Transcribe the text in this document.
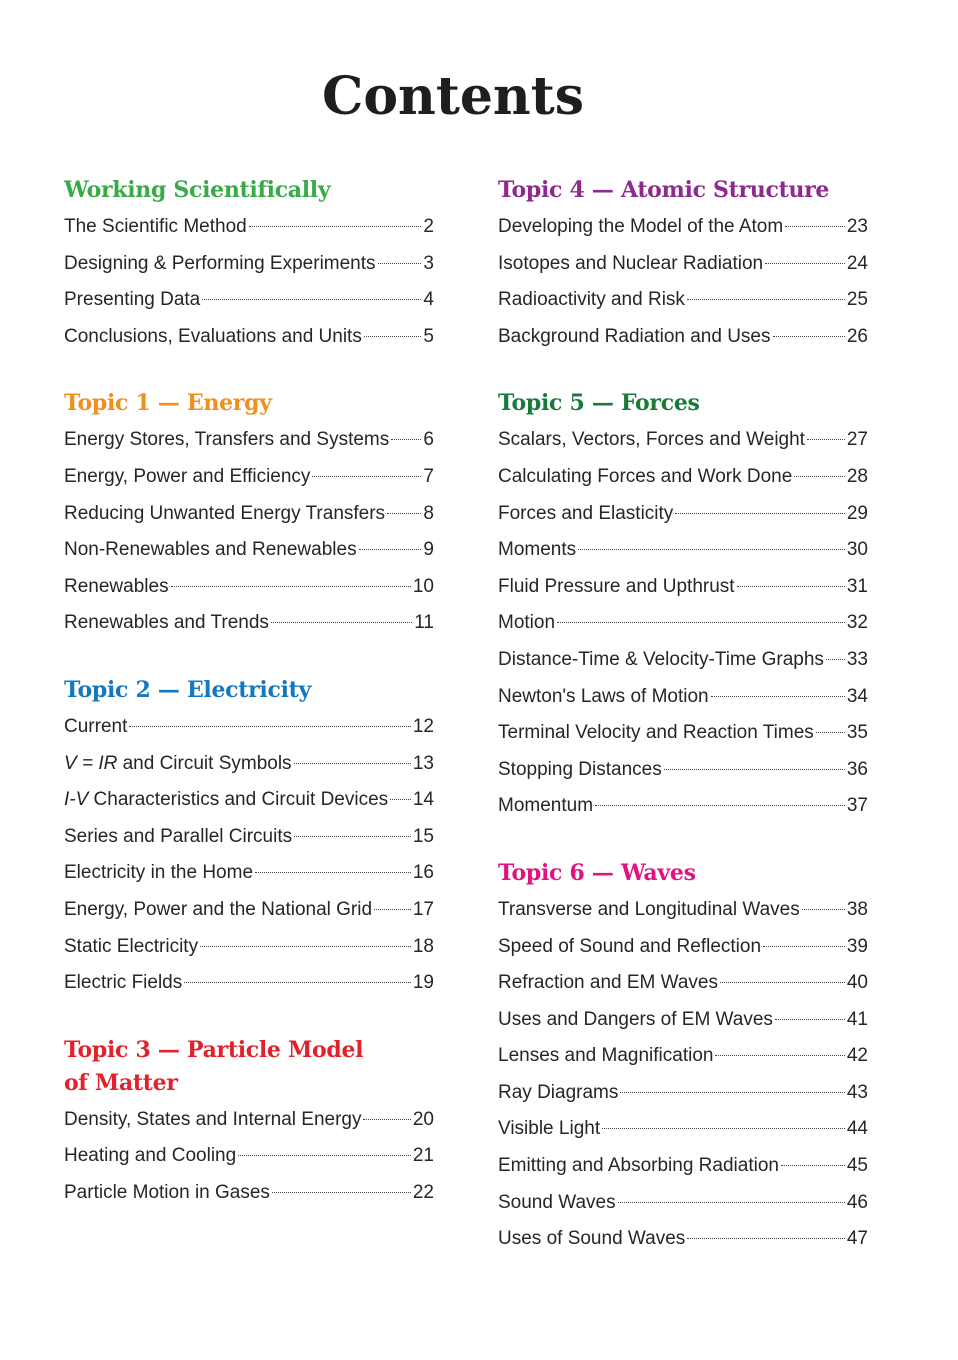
Contents
Working Scientifically
The Scientific Method	2
Designing & Performing Experiments	3
Presenting Data	4
Conclusions, Evaluations and Units	5
Topic 1 — Energy
Energy Stores, Transfers and Systems 6
Energy, Power and Efficiency	7
Reducing Unwanted Energy Transfers 8
Non-Renewables and Renewables	9
Renewables	10
Renewables and Trends	11
Topic 2 — Electricity
Current	12
V = IR and Circuit Symbols	13
I-V Characteristics and Circuit Devices 14
Series and Parallel Circuits	15
Electricity in the Home	16
Energy, Power and the National Grid 17
Static Electricity	18
Electric Fields	19
Topic 3 — Particle Model
of Matter
Density, States and Internal Energy	20
Heating and Cooling	21
Particle Motion in Gases	22
Topic 4 — Atomic Structure
Developing the Model of the Atom	23
Isotopes and Nuclear Radiation	24
Radioactivity and Risk	25
Background Radiation and Uses	26
Topic 5 — Forces
Scalars, Vectors, Forces and Weight 27
Calculating Forces and Work Done	28
Forces and Elasticity	29
Moments	30
Fluid Pressure and Upthrust	31
Motion	32
Distance-Time & Velocity-Time Graphs 33
Newton's Laws of Motion	34
Terminal Velocity and Reaction Times 35
Stopping Distances	36
Momentum	37
Topic 6 — Waves
Transverse and Longitudinal Waves 38
Speed of Sound and Reflection	39
Refraction and EM Waves	40
Uses and Dangers of EM Waves	41
Lenses and Magnification	42
Ray Diagrams	43
Visible Light	44
Emitting and Absorbing Radiation	45
Sound Waves	46
Uses of Sound Waves	47
